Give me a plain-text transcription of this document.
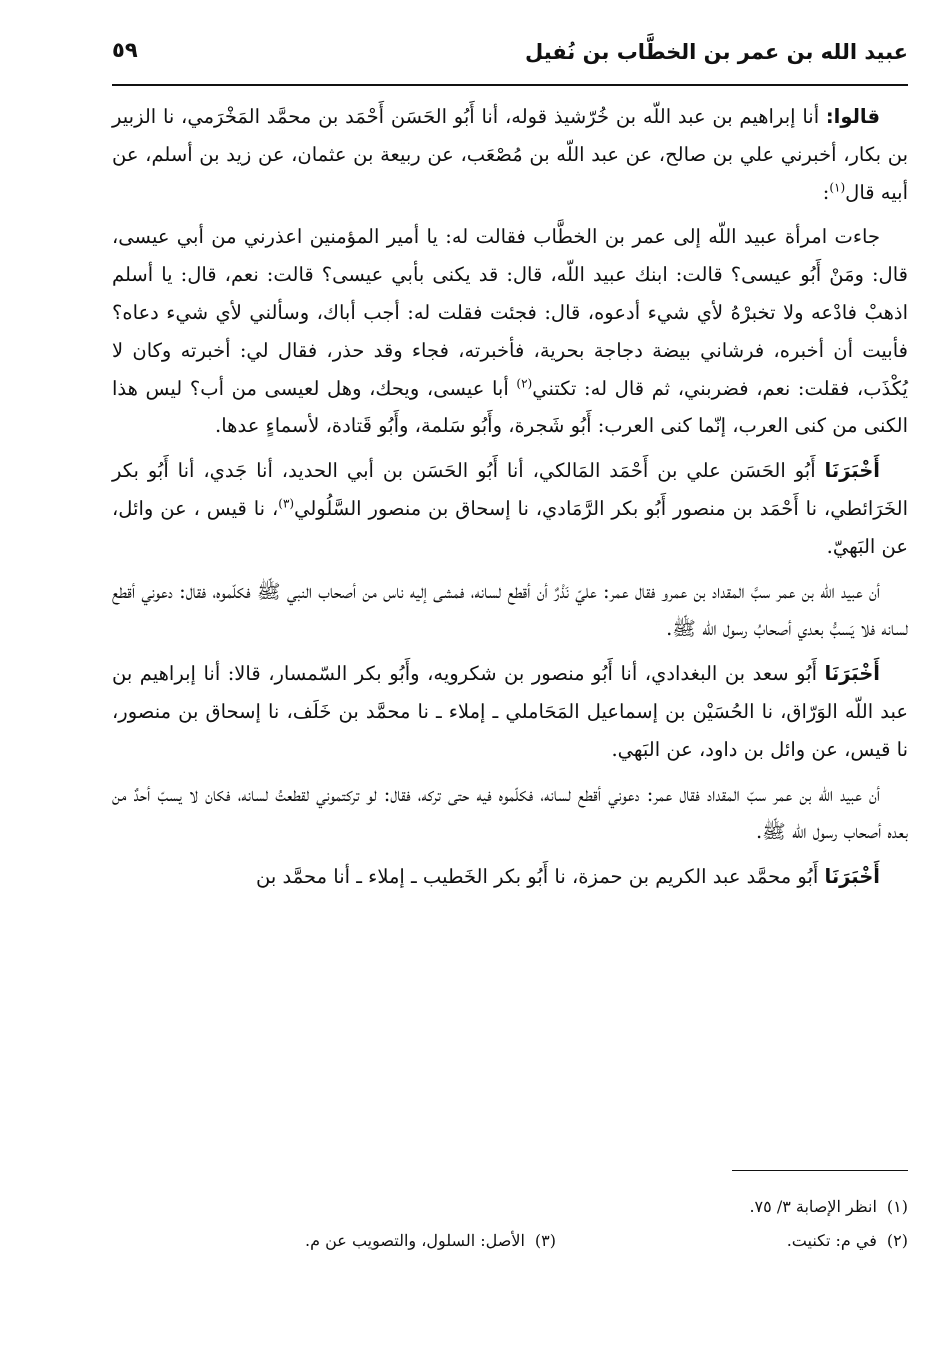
عبيد الله بن عمر بن الخطَّاب بن نُفيل
٥٩

قالوا: أنا إبراهيم بن عبد اللّه بن خُرّشيذ قوله، أنا أَبُو الحَسَن أَحْمَد بن محمَّد المَخْرَمي، نا الزبير بن بكار، أخبرني علي بن صالح، عن عبد اللّه بن مُصْعَب، عن ربيعة بن عثمان، عن زيد بن أسلم، عن أبيه قال$^{(١)}$:

جاءت امرأة عبيد اللّه إلى عمر بن الخطَّاب فقالت له: يا أمير المؤمنين اعذرني من أبي عيسى، قال: ومَنْ أَبُو عيسى؟ قالت: ابنك عبيد اللّه، قال: قد يكنى بأبي عيسى؟ قالت: نعم، قال: يا أسلم اذهبْ فادْعه ولا تخبرْهُ لأي شيء أدعوه، قال: فجئت فقلت له: أجب أباك، وسألني لأي شيء دعاه؟ فأبيت أن أخبره، فرشاني بيضة دجاجة بحرية، فأخبرته، فجاء وقد حذر، فقال لي: أخبرته وكان لا يُكْذَب، فقلت: نعم، فضربني، ثم قال له: تكتني$^{(٢)}$ أبا عيسى، ويحك، وهل لعيسى من أب؟ ليس هذا الكنى من كنى العرب، إنّما كنى العرب: أَبُو شَجرة، وأَبُو سَلمة، وأَبُو قَتادة، لأسماءٍ عدها.

أَخْبَرَنَا أَبُو الحَسَن علي بن أَحْمَد المَالكي، أنا أَبُو الحَسَن بن أبي الحديد، أنا جَدي، أنا أَبُو بكر الخَرَائطي، نا أَحْمَد بن منصور أَبُو بكر الرَّمَادي، نا إسحاق بن منصور السَّلُولي$^{(٣)}$، نا قيس ، عن وائل، عن البَهيّ.

أن عبيد اللّه بن عمر سبَّ المقداد بن عمرو فقال عمر: عليّ نَذْرٌ أن أقطع لسانه، فمشى إليه ناس من أصحاب النبي ﷺ فكلّموه، فقال: دعوني أقطع لسانه فلا يَسبُّ بعدي أصحابُ رسول الله ﷺ.

أَخْبَرَنَا أَبُو سعد بن البغدادي، أنا أَبُو منصور بن شكرويه، وأَبُو بكر السّمسار، قالا: أنا إبراهيم بن عبد اللّه الوَرّاق، نا الحُسَيْن بن إسماعيل المَحَاملي ـ إملاء ـ نا محمَّد بن خَلَف، نا إسحاق بن منصور، نا قيس، عن وائل بن داود، عن البَهي.

أن عبيد اللّه بن عمر سبّ المقداد فقال عمر: دعوني أقطع لسانه، فكلّموه فيه حتى تركه، فقال: لو تركتموني لقطعتُ لسانه، فكان لا يسبّ أحدٌ من بعده أصحاب رسول الله ﷺ.

أَخْبَرَنَا أَبُو محمَّد عبد الكريم بن حمزة، نا أَبُو بكر الخَطيب ـ إملاء ـ أنا محمَّد بن

(١)انظر الإصابة ٣/ ٧٥.
(٢)في م: تكنيت.
(٣)الأصل: السلول، والتصويب عن م.
